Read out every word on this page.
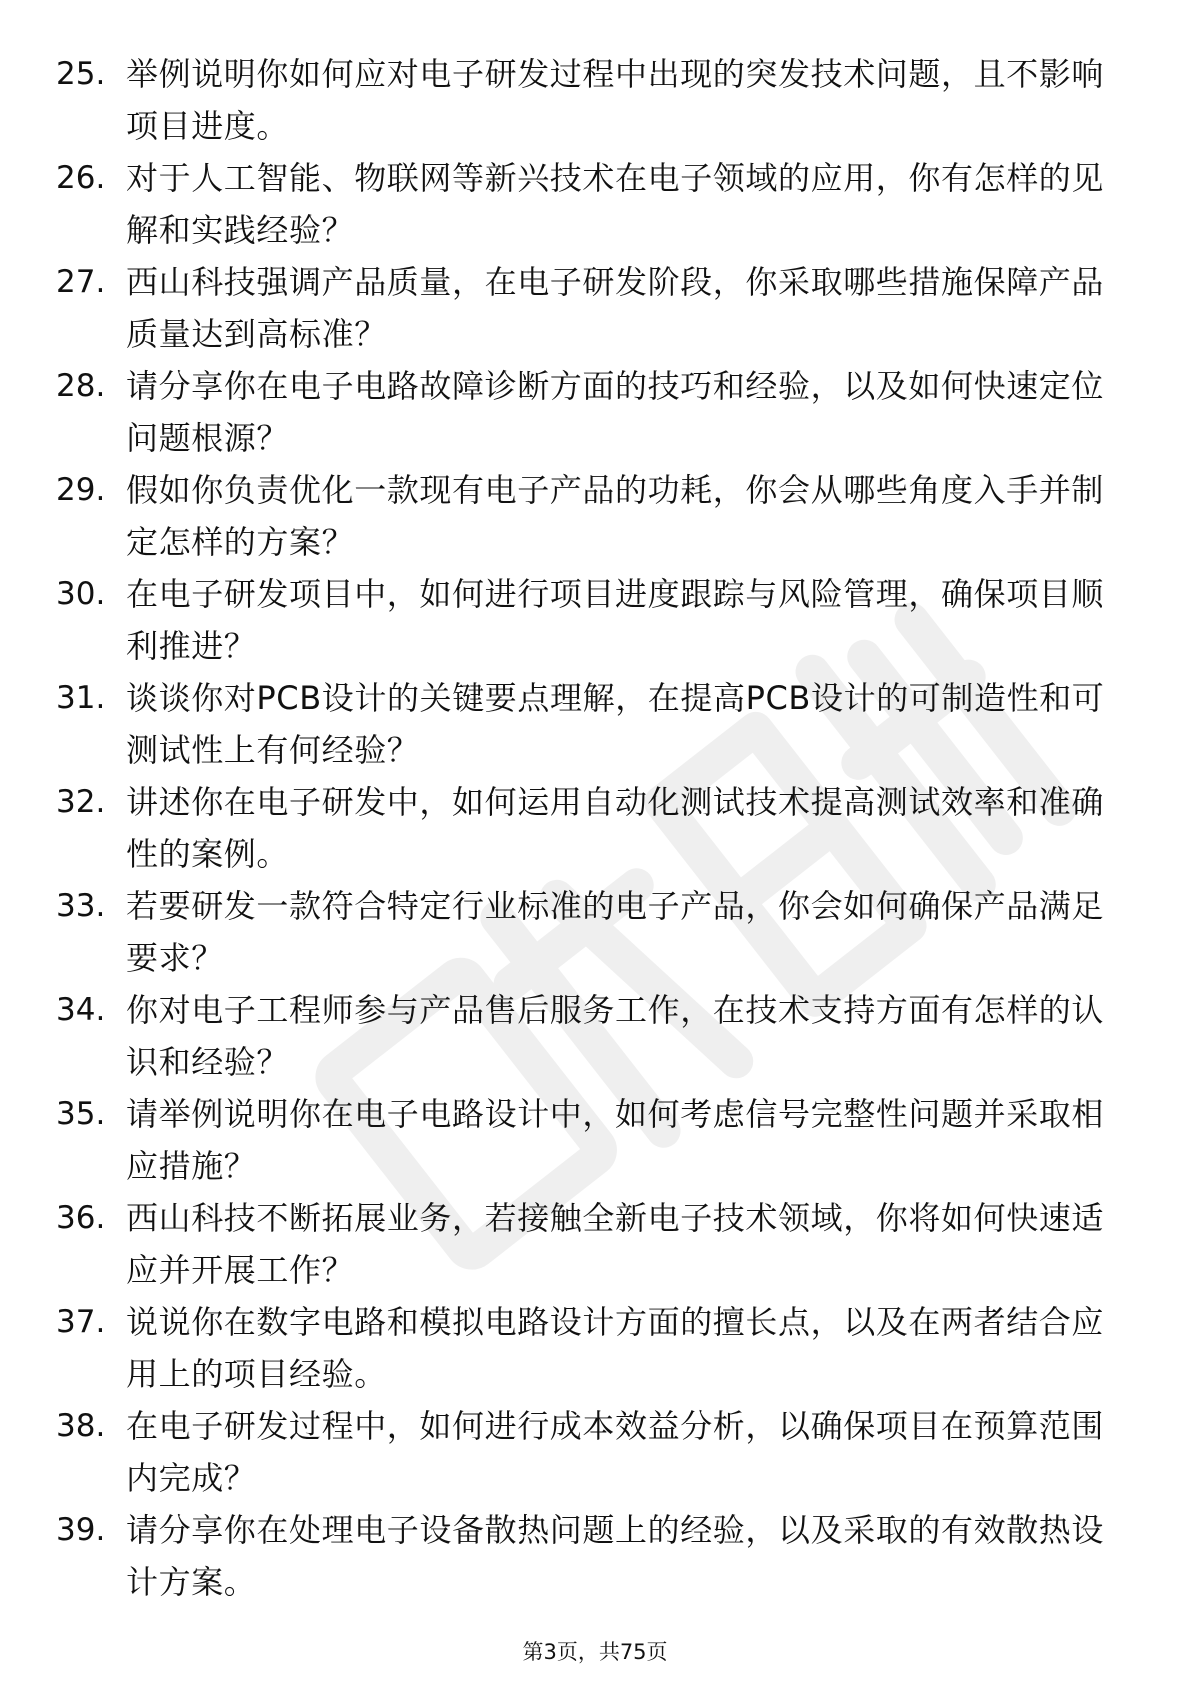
25. 举例说明你如何应对电子研发过程中出现的突发技术问题，且不影响项目进度。
26. 对于人工智能、物联网等新兴技术在电子领域的应用，你有怎样的见解和实践经验？
27. 西山科技强调产品质量，在电子研发阶段，你采取哪些措施保障产品质量达到高标准？
28. 请分享你在电子电路故障诊断方面的技巧和经验，以及如何快速定位问题根源？
29. 假如你负责优化一款现有电子产品的功耗，你会从哪些角度入手并制定怎样的方案？
30. 在电子研发项目中，如何进行项目进度跟踪与风险管理，确保项目顺利推进？
31. 谈谈你对PCB设计的关键要点理解，在提高PCB设计的可制造性和可测试性上有何经验？
32. 讲述你在电子研发中，如何运用自动化测试技术提高测试效率和准确性的案例。
33. 若要研发一款符合特定行业标准的电子产品，你会如何确保产品满足要求？
34. 你对电子工程师参与产品售后服务工作，在技术支持方面有怎样的认识和经验？
35. 请举例说明你在电子电路设计中，如何考虑信号完整性问题并采取相应措施？
36. 西山科技不断拓展业务，若接触全新电子技术领域，你将如何快速适应并开展工作？
37. 说说你在数字电路和模拟电路设计方面的擅长点，以及在两者结合应用上的项目经验。
38. 在电子研发过程中，如何进行成本效益分析，以确保项目在预算范围内完成？
39. 请分享你在处理电子设备散热问题上的经验，以及采取的有效散热设计方案。
第3页，共75页
